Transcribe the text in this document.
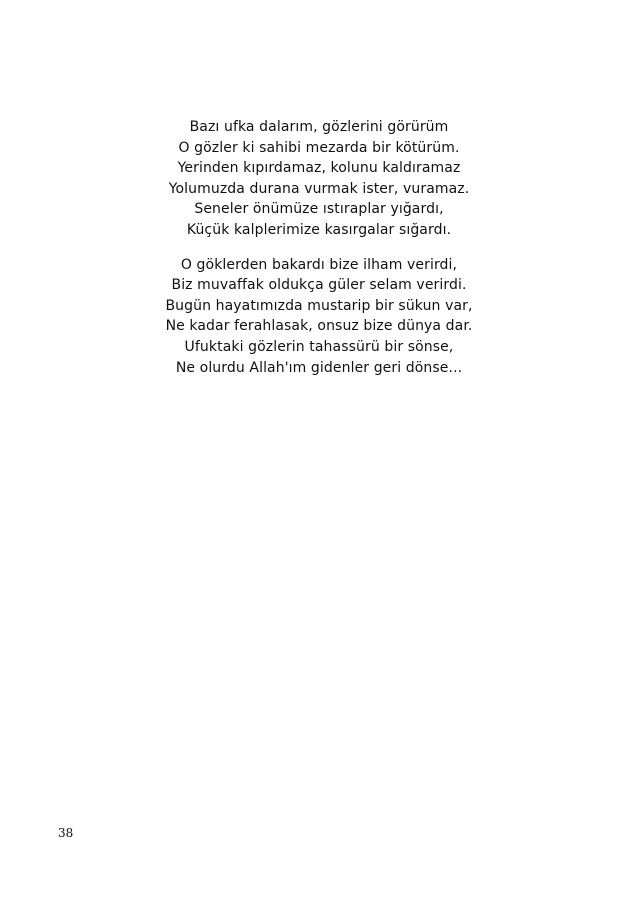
Bazı ufka dalarım, gözlerini görürüm
O gözler ki sahibi mezarda bir kötürüm.
Yerinden kıpırdamaz, kolunu kaldıramaz
Yolumuzda durana vurmak ister, vuramaz.
Seneler önümüze ıstıraplar yığardı,
Küçük kalplerimize kasırgalar sığardı.
O göklerden bakardı bize ilham verirdi,
Biz muvaffak oldukça güler selam verirdi.
Bugün hayatımızda mustarip bir sükun var,
Ne kadar ferahlasak, onsuz bize dünya dar.
Ufuktaki gözlerin tahassürü bir sönse,
Ne olurdu Allah'ım gidenler geri dönse...
38
